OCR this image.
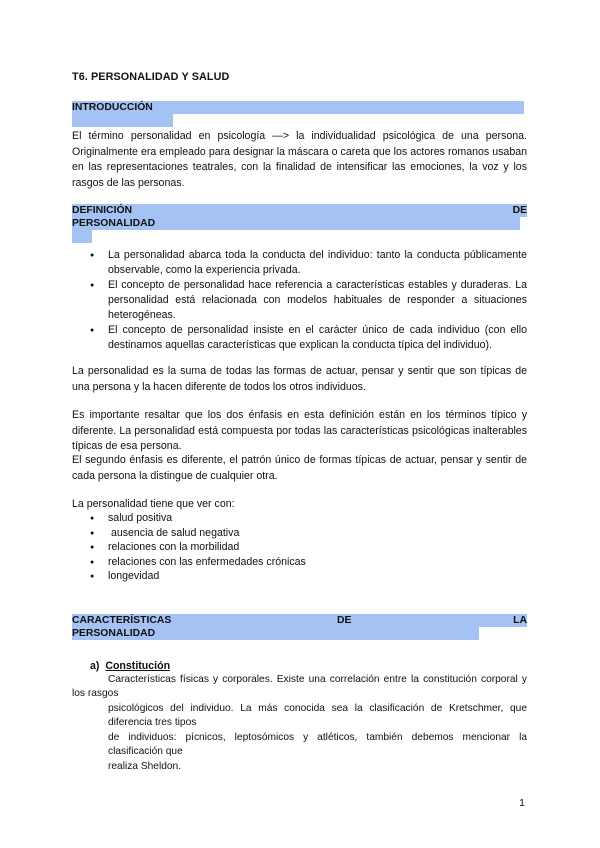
T6. PERSONALIDAD Y SALUD
INTRODUCCIÓN
El término personalidad en psicología —> la individualidad psicológica de una persona. Originalmente era empleado para designar la máscara o careta que los actores romanos usaban en las representaciones teatrales, con la finalidad de intensificar las emociones, la voz y los rasgos de las personas.
DEFINICIÓN	DE
PERSONALIDAD
● La personalidad abarca toda la conducta del individuo: tanto la conducta públicamente observable, como la experiencia privada.
● El concepto de personalidad hace referencia a características estables y duraderas. La personalidad está relacionada con modelos habituales de responder a situaciones heterogéneas.
● El concepto de personalidad insiste en el carácter único de cada individuo (con ello destinamos aquellas características que explican la conducta típica del individuo).
La personalidad es la suma de todas las formas de actuar, pensar y sentir que son típicas de una persona y la hacen diferente de todos los otros individuos.
Es importante resaltar que los dos énfasis en esta definición están en los términos típico y diferente. La personalidad está compuesta por todas las características psicológicas inalterables típicas de esa persona.
El segundo énfasis es diferente, el patrón único de formas típicas de actuar, pensar y sentir de cada persona la distingue de cualquier otra.
La personalidad tiene que ver con:
● salud positiva
●  ausencia de salud negativa
● relaciones con la morbilidad
● relaciones con las enfermedades crónicas
● longevidad
CARACTERÍSTICAS	DE	LA
PERSONALIDAD
a) Constitución
Características físicas y corporales. Existe una correlación entre la constitución corporal y los rasgos
psicológicos del individuo. La más conocida sea la clasificación de Kretschmer, que diferencia tres tipos
de individuos: pícnicos, leptosómicos y atléticos, también debemos mencionar la clasificación que
realiza Sheldon.
1
